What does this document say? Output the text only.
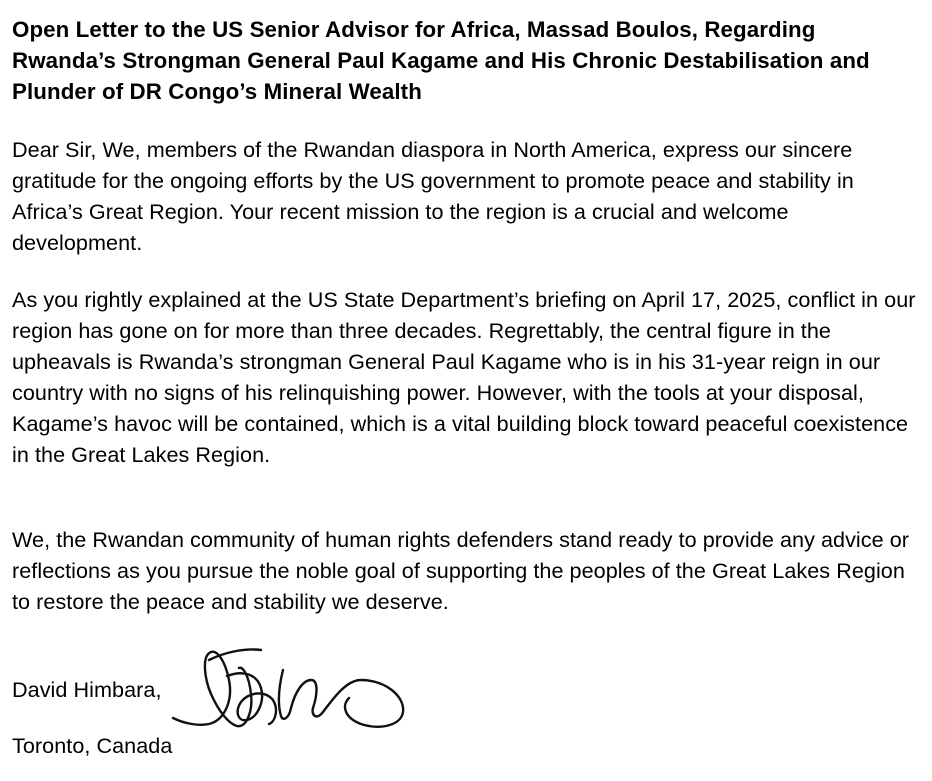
Open Letter to the US Senior Advisor for Africa, Massad Boulos, Regarding Rwanda’s Strongman General Paul Kagame and His Chronic Destabilisation and Plunder of DR Congo’s Mineral Wealth

Dear Sir, We, members of the Rwandan diaspora in North America, express our sincere gratitude for the ongoing efforts by the US government to promote peace and stability in Africa’s Great Region. Your recent mission to the region is a crucial and welcome development.

As you rightly explained at the US State Department’s briefing on April 17, 2025, conflict in our region has gone on for more than three decades. Regrettably, the central figure in the upheavals is Rwanda’s strongman General Paul Kagame who is in his 31-year reign in our country with no signs of his relinquishing power. However, with the tools at your disposal, Kagame’s havoc will be contained, which is a vital building block toward peaceful coexistence in the Great Lakes Region.

We, the Rwandan community of human rights defenders stand ready to provide any advice or reflections as you pursue the noble goal of supporting the peoples of the Great Lakes Region to restore the peace and stability we deserve.

David Himbara,

Toronto, Canada
